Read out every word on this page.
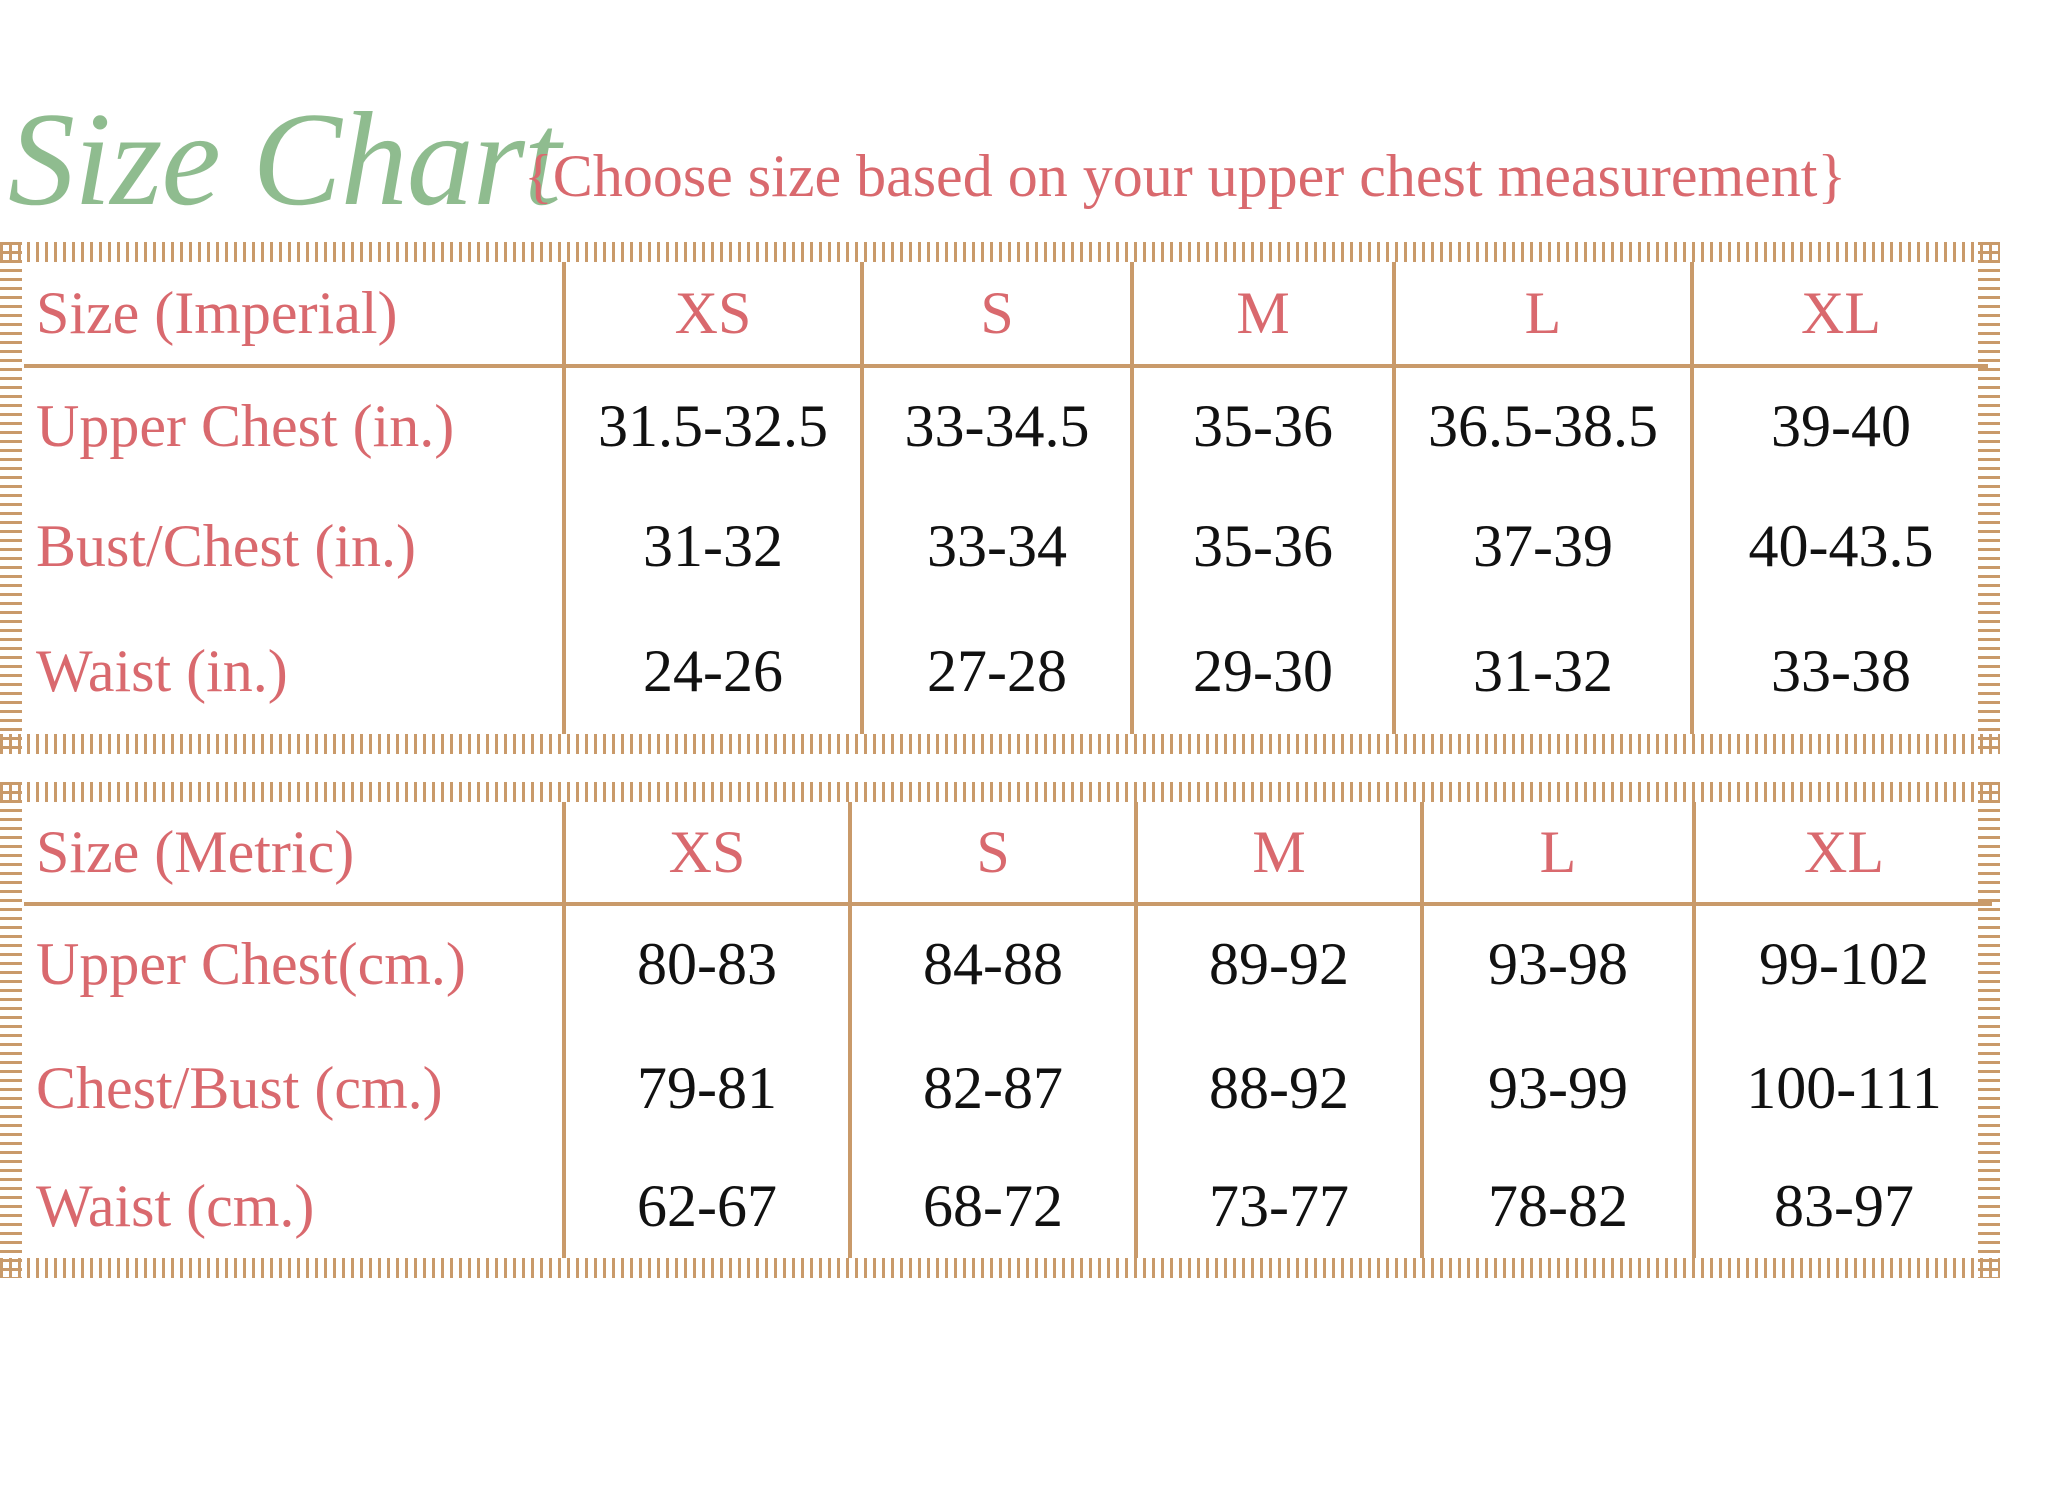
Size Chart
{Choose size based on your upper chest measurement}
Size (Imperial)	XS	S	M	L	XL
Upper Chest (in.)	31.5-32.5	33-34.5	35-36	36.5-38.5	39-40
Bust/Chest (in.)	31-32	33-34	35-36	37-39	40-43.5
Waist (in.)	24-26	27-28	29-30	31-32	33-38
Size (Metric)	XS	S	M	L	XL
Upper Chest(cm.)	80-83	84-88	89-92	93-98	99-102
Chest/Bust (cm.)	79-81	82-87	88-92	93-99	100-111
Waist (cm.)	62-67	68-72	73-77	78-82	83-97
